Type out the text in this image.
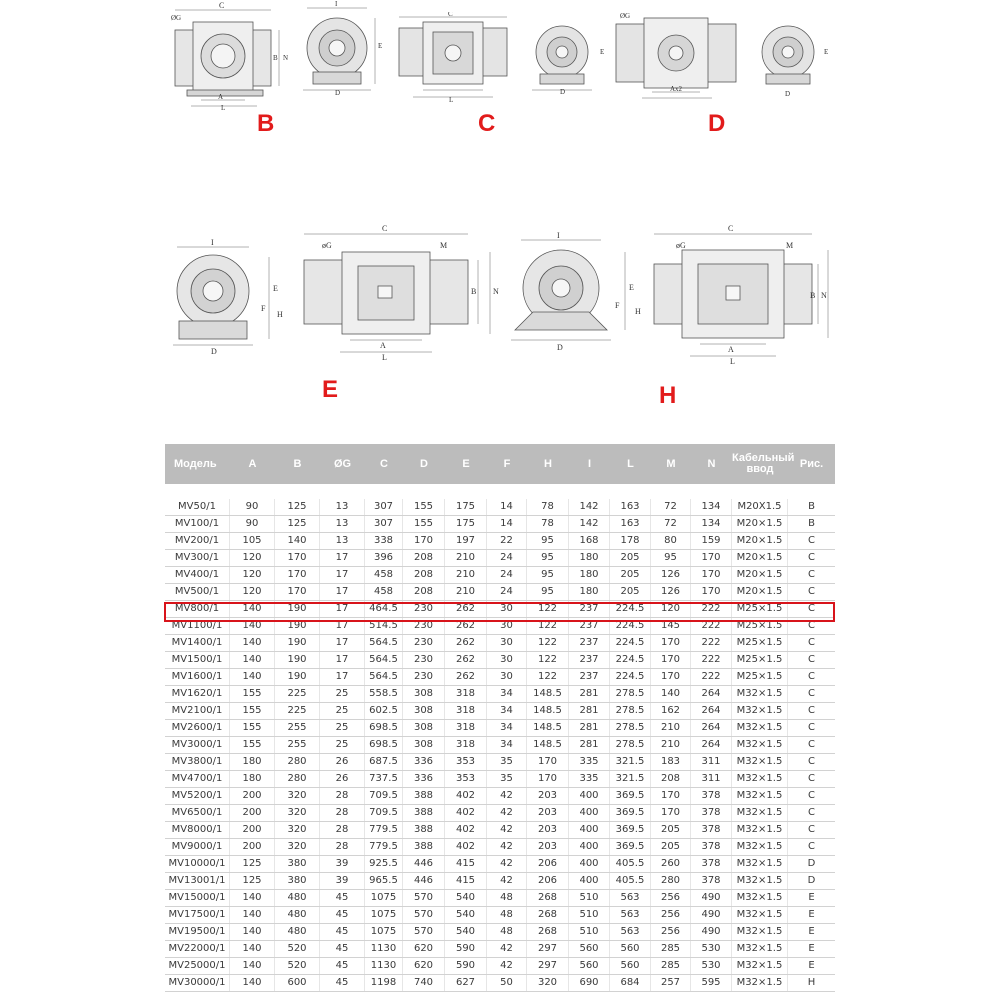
C
ØG
A
L
B N
I
D
E
B
C
L
D
E
C
ØG
Ax2
D
E
D
I
D
E
F
H
C
øG	M
A
L
B N
E
I
D
E
F
H
C
øG	M
A
L
B N
H
Модель	A	B	ØG	C	D	E	F	H	I	L	M	N	Кабельный ввод	Рис.
MV50/1	90	125	13	307	155	175	14	78	142	163	72	134	M20X1.5	B
MV100/1	90	125	13	307	155	175	14	78	142	163	72	134	M20×1.5	B
MV200/1	105	140	13	338	170	197	22	95	168	178	80	159	M20×1.5	C
MV300/1	120	170	17	396	208	210	24	95	180	205	95	170	M20×1.5	C
MV400/1	120	170	17	458	208	210	24	95	180	205	126	170	M20×1.5	C
MV500/1	120	170	17	458	208	210	24	95	180	205	126	170	M20×1.5	C
MV800/1	140	190	17	464.5	230	262	30	122	237	224.5	120	222	M25×1.5	C
MV1100/1	140	190	17	514.5	230	262	30	122	237	224.5	145	222	M25×1.5	C
MV1400/1	140	190	17	564.5	230	262	30	122	237	224.5	170	222	M25×1.5	C
MV1500/1	140	190	17	564.5	230	262	30	122	237	224.5	170	222	M25×1.5	C
MV1600/1	140	190	17	564.5	230	262	30	122	237	224.5	170	222	M25×1.5	C
MV1620/1	155	225	25	558.5	308	318	34	148.5	281	278.5	140	264	M32×1.5	C
MV2100/1	155	225	25	602.5	308	318	34	148.5	281	278.5	162	264	M32×1.5	C
MV2600/1	155	255	25	698.5	308	318	34	148.5	281	278.5	210	264	M32×1.5	C
MV3000/1	155	255	25	698.5	308	318	34	148.5	281	278.5	210	264	M32×1.5	C
MV3800/1	180	280	26	687.5	336	353	35	170	335	321.5	183	311	M32×1.5	C
MV4700/1	180	280	26	737.5	336	353	35	170	335	321.5	208	311	M32×1.5	C
MV5200/1	200	320	28	709.5	388	402	42	203	400	369.5	170	378	M32×1.5	C
MV6500/1	200	320	28	709.5	388	402	42	203	400	369.5	170	378	M32×1.5	C
MV8000/1	200	320	28	779.5	388	402	42	203	400	369.5	205	378	M32×1.5	C
MV9000/1	200	320	28	779.5	388	402	42	203	400	369.5	205	378	M32×1.5	C
MV10000/1	125	380	39	925.5	446	415	42	206	400	405.5	260	378	M32×1.5	D
MV13001/1	125	380	39	965.5	446	415	42	206	400	405.5	280	378	M32×1.5	D
MV15000/1	140	480	45	1075	570	540	48	268	510	563	256	490	M32×1.5	E
MV17500/1	140	480	45	1075	570	540	48	268	510	563	256	490	M32×1.5	E
MV19500/1	140	480	45	1075	570	540	48	268	510	563	256	490	M32×1.5	E
MV22000/1	140	520	45	1130	620	590	42	297	560	560	285	530	M32×1.5	E
MV25000/1	140	520	45	1130	620	590	42	297	560	560	285	530	M32×1.5	E
MV30000/1	140	600	45	1198	740	627	50	320	690	684	257	595	M32×1.5	H
